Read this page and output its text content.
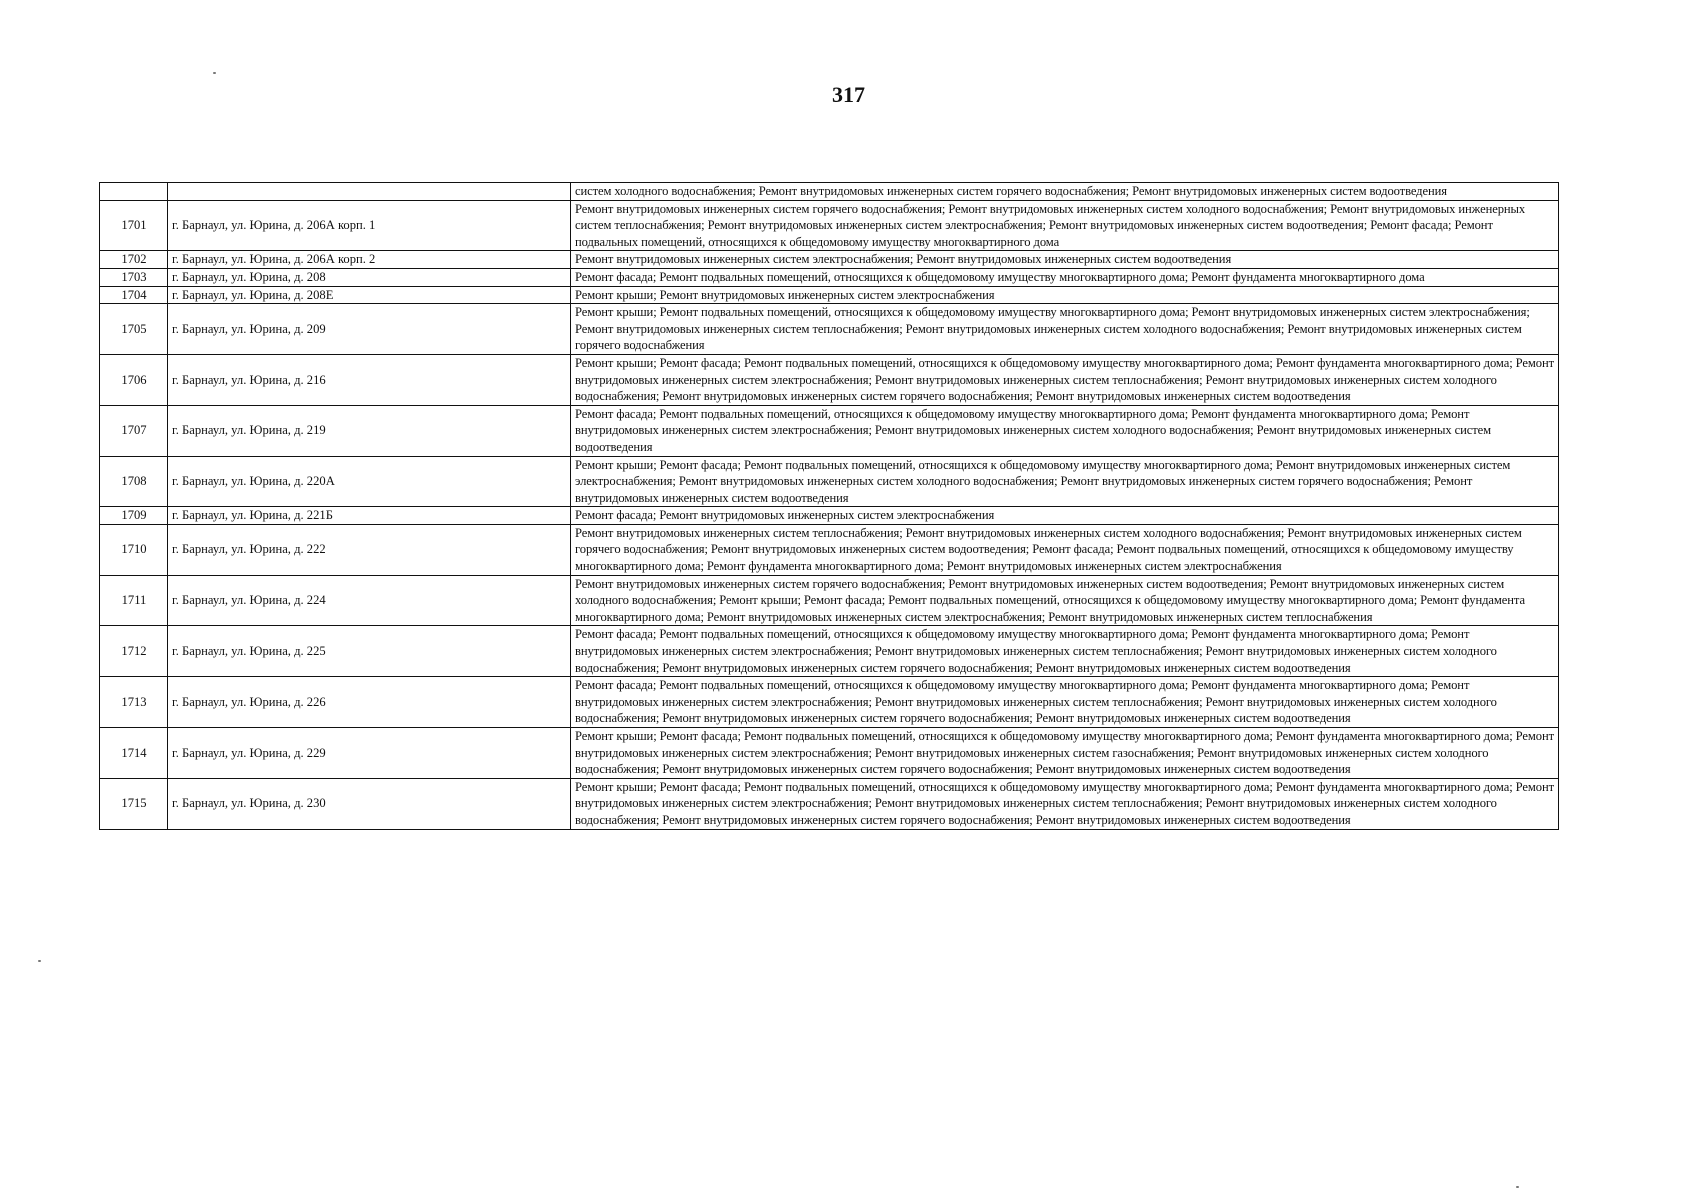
317
		систем холодного водоснабжения; Ремонт внутридомовых инженерных систем горячего водоснабжения; Ремонт внутридомовых инженерных систем водоотведения
1701	г. Барнаул, ул. Юрина, д. 206А корп. 1	Ремонт внутридомовых инженерных систем горячего водоснабжения; Ремонт внутридомовых инженерных систем холодного водоснабжения; Ремонт внутридомовых инженерных систем теплоснабжения; Ремонт внутридомовых инженерных систем электроснабжения; Ремонт внутридомовых инженерных систем водоотведения; Ремонт фасада; Ремонт подвальных помещений, относящихся к общедомовому имуществу многоквартирного дома
1702	г. Барнаул, ул. Юрина, д. 206А корп. 2	Ремонт внутридомовых инженерных систем электроснабжения; Ремонт внутридомовых инженерных систем водоотведения
1703	г. Барнаул, ул. Юрина, д. 208	Ремонт фасада; Ремонт подвальных помещений, относящихся к общедомовому имуществу многоквартирного дома; Ремонт фундамента многоквартирного дома
1704	г. Барнаул, ул. Юрина, д. 208Е	Ремонт крыши; Ремонт внутридомовых инженерных систем электроснабжения
1705	г. Барнаул, ул. Юрина, д. 209	Ремонт крыши; Ремонт подвальных помещений, относящихся к общедомовому имуществу многоквартирного дома; Ремонт внутридомовых инженерных систем электроснабжения; Ремонт внутридомовых инженерных систем теплоснабжения; Ремонт внутридомовых инженерных систем холодного водоснабжения; Ремонт внутридомовых инженерных систем горячего водоснабжения
1706	г. Барнаул, ул. Юрина, д. 216	Ремонт крыши; Ремонт фасада; Ремонт подвальных помещений, относящихся к общедомовому имуществу многоквартирного дома; Ремонт фундамента многоквартирного дома; Ремонт внутридомовых инженерных систем электроснабжения; Ремонт внутридомовых инженерных систем теплоснабжения; Ремонт внутридомовых инженерных систем холодного водоснабжения; Ремонт внутридомовых инженерных систем горячего водоснабжения; Ремонт внутридомовых инженерных систем водоотведения
1707	г. Барнаул, ул. Юрина, д. 219	Ремонт фасада; Ремонт подвальных помещений, относящихся к общедомовому имуществу многоквартирного дома; Ремонт фундамента многоквартирного дома; Ремонт внутридомовых инженерных систем электроснабжения; Ремонт внутридомовых инженерных систем холодного водоснабжения; Ремонт внутридомовых инженерных систем водоотведения
1708	г. Барнаул, ул. Юрина, д. 220А	Ремонт крыши; Ремонт фасада; Ремонт подвальных помещений, относящихся к общедомовому имуществу многоквартирного дома; Ремонт внутридомовых инженерных систем электроснабжения; Ремонт внутридомовых инженерных систем холодного водоснабжения; Ремонт внутридомовых инженерных систем горячего водоснабжения; Ремонт внутридомовых инженерных систем водоотведения
1709	г. Барнаул, ул. Юрина, д. 221Б	Ремонт фасада; Ремонт внутридомовых инженерных систем электроснабжения
1710	г. Барнаул, ул. Юрина, д. 222	Ремонт внутридомовых инженерных систем теплоснабжения; Ремонт внутридомовых инженерных систем холодного водоснабжения; Ремонт внутридомовых инженерных систем горячего водоснабжения; Ремонт внутридомовых инженерных систем водоотведения; Ремонт фасада; Ремонт подвальных помещений, относящихся к общедомовому имуществу многоквартирного дома; Ремонт фундамента многоквартирного дома; Ремонт внутридомовых инженерных систем электроснабжения
1711	г. Барнаул, ул. Юрина, д. 224	Ремонт внутридомовых инженерных систем горячего водоснабжения; Ремонт внутридомовых инженерных систем водоотведения; Ремонт внутридомовых инженерных систем холодного водоснабжения; Ремонт крыши; Ремонт фасада; Ремонт подвальных помещений, относящихся к общедомовому имуществу многоквартирного дома; Ремонт фундамента многоквартирного дома; Ремонт внутридомовых инженерных систем электроснабжения; Ремонт внутридомовых инженерных систем теплоснабжения
1712	г. Барнаул, ул. Юрина, д. 225	Ремонт фасада; Ремонт подвальных помещений, относящихся к общедомовому имуществу многоквартирного дома; Ремонт фундамента многоквартирного дома; Ремонт внутридомовых инженерных систем электроснабжения; Ремонт внутридомовых инженерных систем теплоснабжения; Ремонт внутридомовых инженерных систем холодного водоснабжения; Ремонт внутридомовых инженерных систем горячего водоснабжения; Ремонт внутридомовых инженерных систем водоотведения
1713	г. Барнаул, ул. Юрина, д. 226	Ремонт фасада; Ремонт подвальных помещений, относящихся к общедомовому имуществу многоквартирного дома; Ремонт фундамента многоквартирного дома; Ремонт внутридомовых инженерных систем электроснабжения; Ремонт внутридомовых инженерных систем теплоснабжения; Ремонт внутридомовых инженерных систем холодного водоснабжения; Ремонт внутридомовых инженерных систем горячего водоснабжения; Ремонт внутридомовых инженерных систем водоотведения
1714	г. Барнаул, ул. Юрина, д. 229	Ремонт крыши; Ремонт фасада; Ремонт подвальных помещений, относящихся к общедомовому имуществу многоквартирного дома; Ремонт фундамента многоквартирного дома; Ремонт внутридомовых инженерных систем электроснабжения; Ремонт внутридомовых инженерных систем газоснабжения; Ремонт внутридомовых инженерных систем холодного водоснабжения; Ремонт внутридомовых инженерных систем горячего водоснабжения; Ремонт внутридомовых инженерных систем водоотведения
1715	г. Барнаул, ул. Юрина, д. 230	Ремонт крыши; Ремонт фасада; Ремонт подвальных помещений, относящихся к общедомовому имуществу многоквартирного дома; Ремонт фундамента многоквартирного дома; Ремонт внутридомовых инженерных систем электроснабжения; Ремонт внутридомовых инженерных систем теплоснабжения; Ремонт внутридомовых инженерных систем холодного водоснабжения; Ремонт внутридомовых инженерных систем горячего водоснабжения; Ремонт внутридомовых инженерных систем водоотведения
